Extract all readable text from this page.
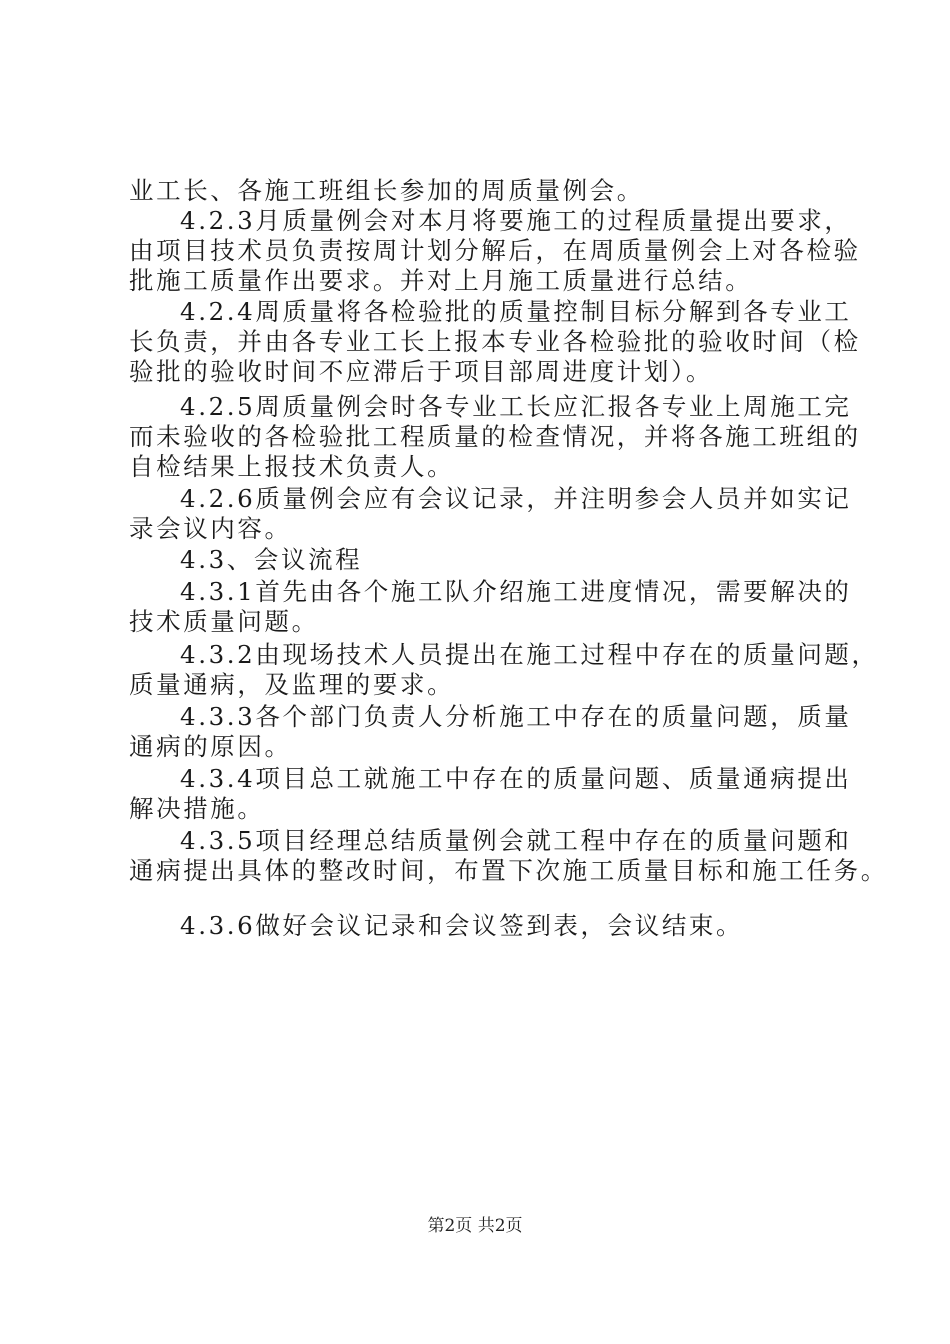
业工长、各施工班组长参加的周质量例会。
4.2.3月质量例会对本月将要施工的过程质量提出要求，
由项目技术员负责按周计划分解后，在周质量例会上对各检验
批施工质量作出要求。并对上月施工质量进行总结。
4.2.4周质量将各检验批的质量控制目标分解到各专业工
长负责，并由各专业工长上报本专业各检验批的验收时间（检
验批的验收时间不应滞后于项目部周进度计划）。
4.2.5周质量例会时各专业工长应汇报各专业上周施工完
而未验收的各检验批工程质量的检查情况，并将各施工班组的
自检结果上报技术负责人。
4.2.6质量例会应有会议记录，并注明参会人员并如实记
录会议内容。
4.3、会议流程
4.3.1首先由各个施工队介绍施工进度情况，需要解决的
技术质量问题。
4.3.2由现场技术人员提出在施工过程中存在的质量问题，
质量通病，及监理的要求。
4.3.3各个部门负责人分析施工中存在的质量问题，质量
通病的原因。
4.3.4项目总工就施工中存在的质量问题、质量通病提出
解决措施。
4.3.5项目经理总结质量例会就工程中存在的质量问题和
通病提出具体的整改时间，布置下次施工质量目标和施工任务。
4.3.6做好会议记录和会议签到表，会议结束。
第2页 共2页
